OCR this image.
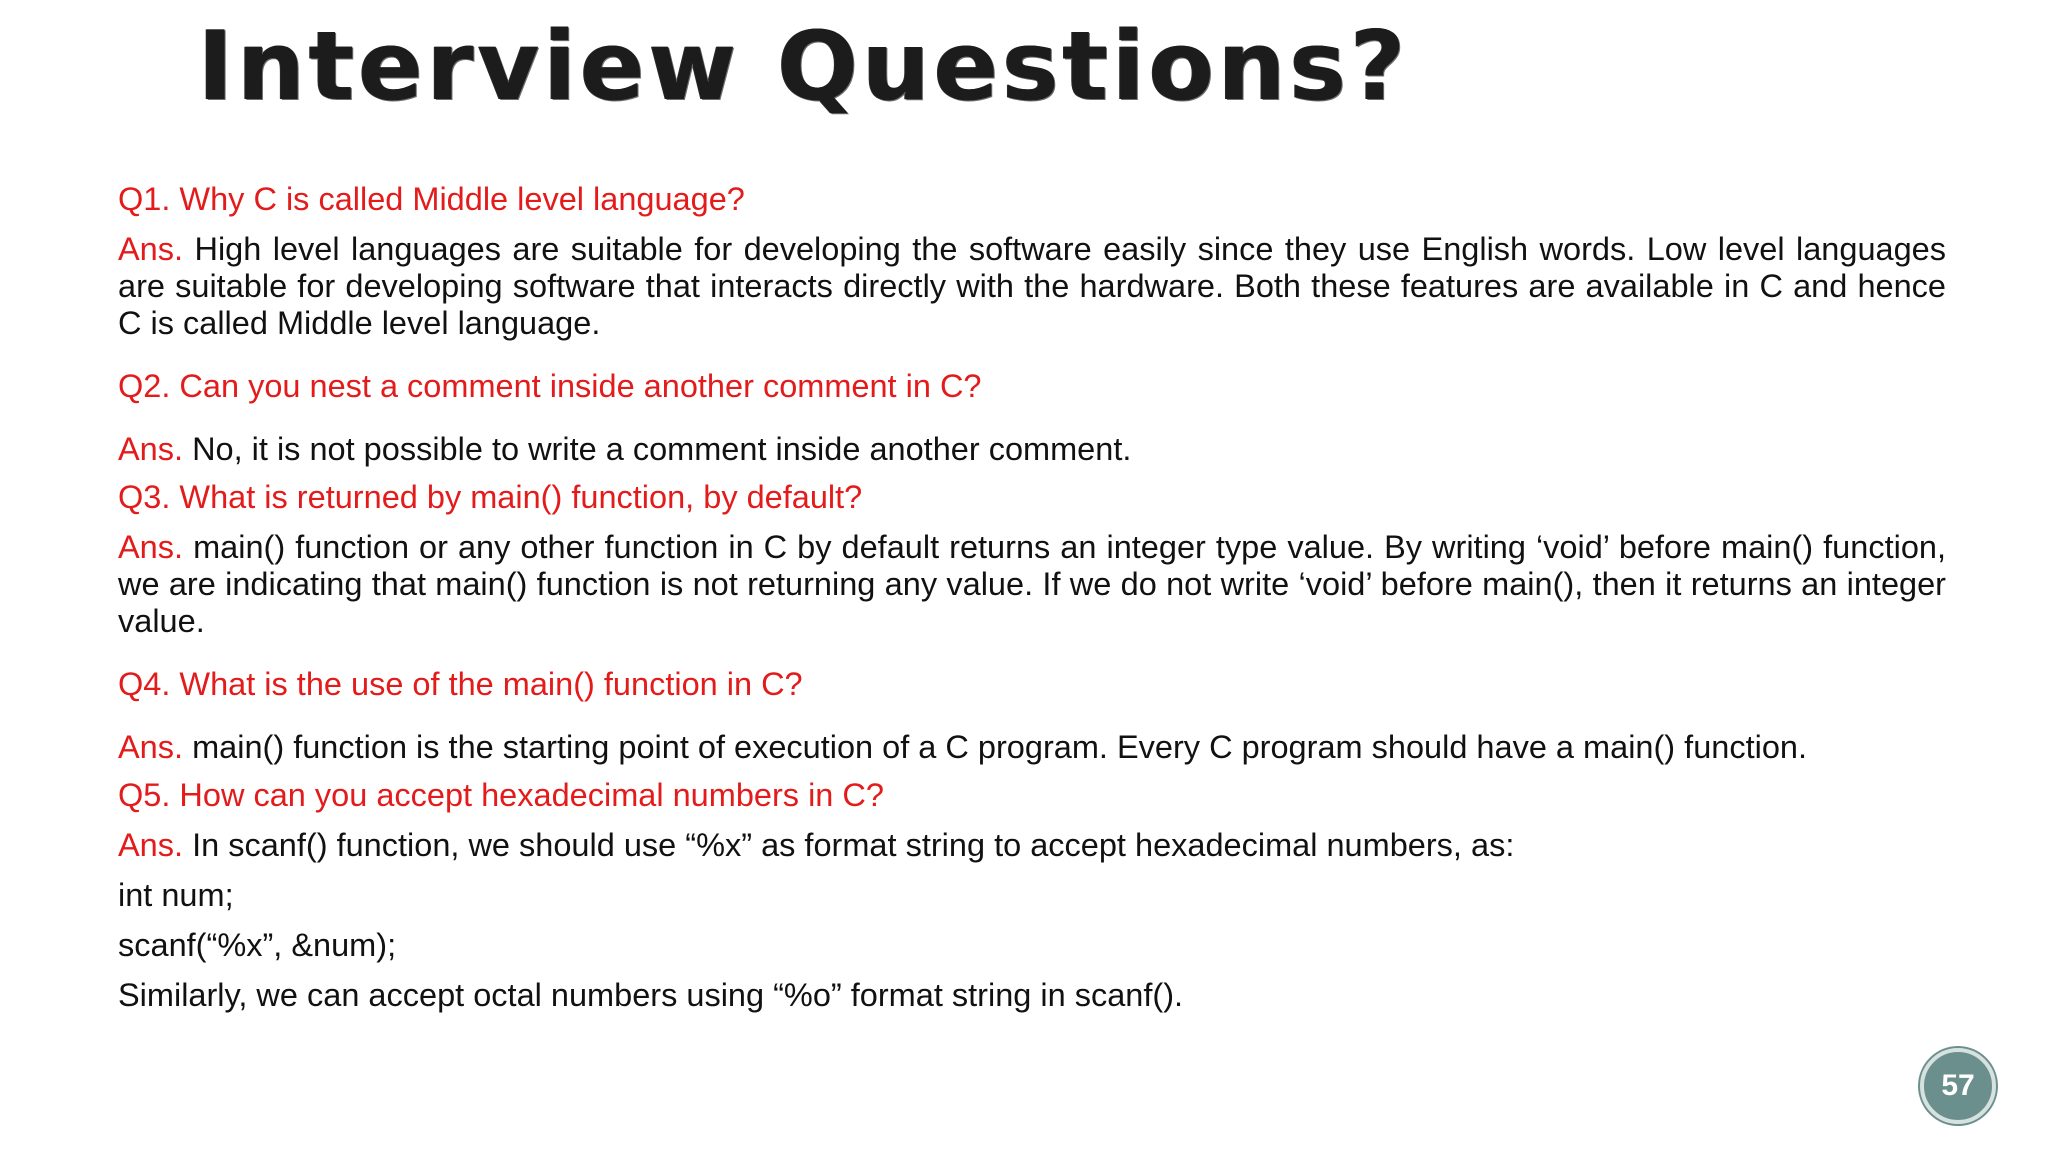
Interview Questions?

Q1. Why C is called Middle level language?

Ans. High level languages are suitable for developing the software easily since they use English words. Low level languages are suitable for developing software that interacts directly with the hardware. Both these features are available in C and hence C is called Middle level language.

Q2. Can you nest a comment inside another comment in C?

Ans. No, it is not possible to write a comment inside another comment.

Q3. What is returned by main() function, by default?

Ans. main() function or any other function in C by default returns an integer type value. By writing ‘void’ before main() function, we are indicating that main() function is not returning any value. If we do not write ‘void’ before main(), then it returns an integer value.

Q4. What is the use of the main() function in C?

Ans. main() function is the starting point of execution of a C program. Every C program should have a main() function.

Q5. How can you accept hexadecimal numbers in C?

Ans. In scanf() function, we should use “%x” as format string to accept hexadecimal numbers, as:

int num;

scanf(“%x”, &num);

Similarly, we can accept octal numbers using “%o” format string in scanf().

57
